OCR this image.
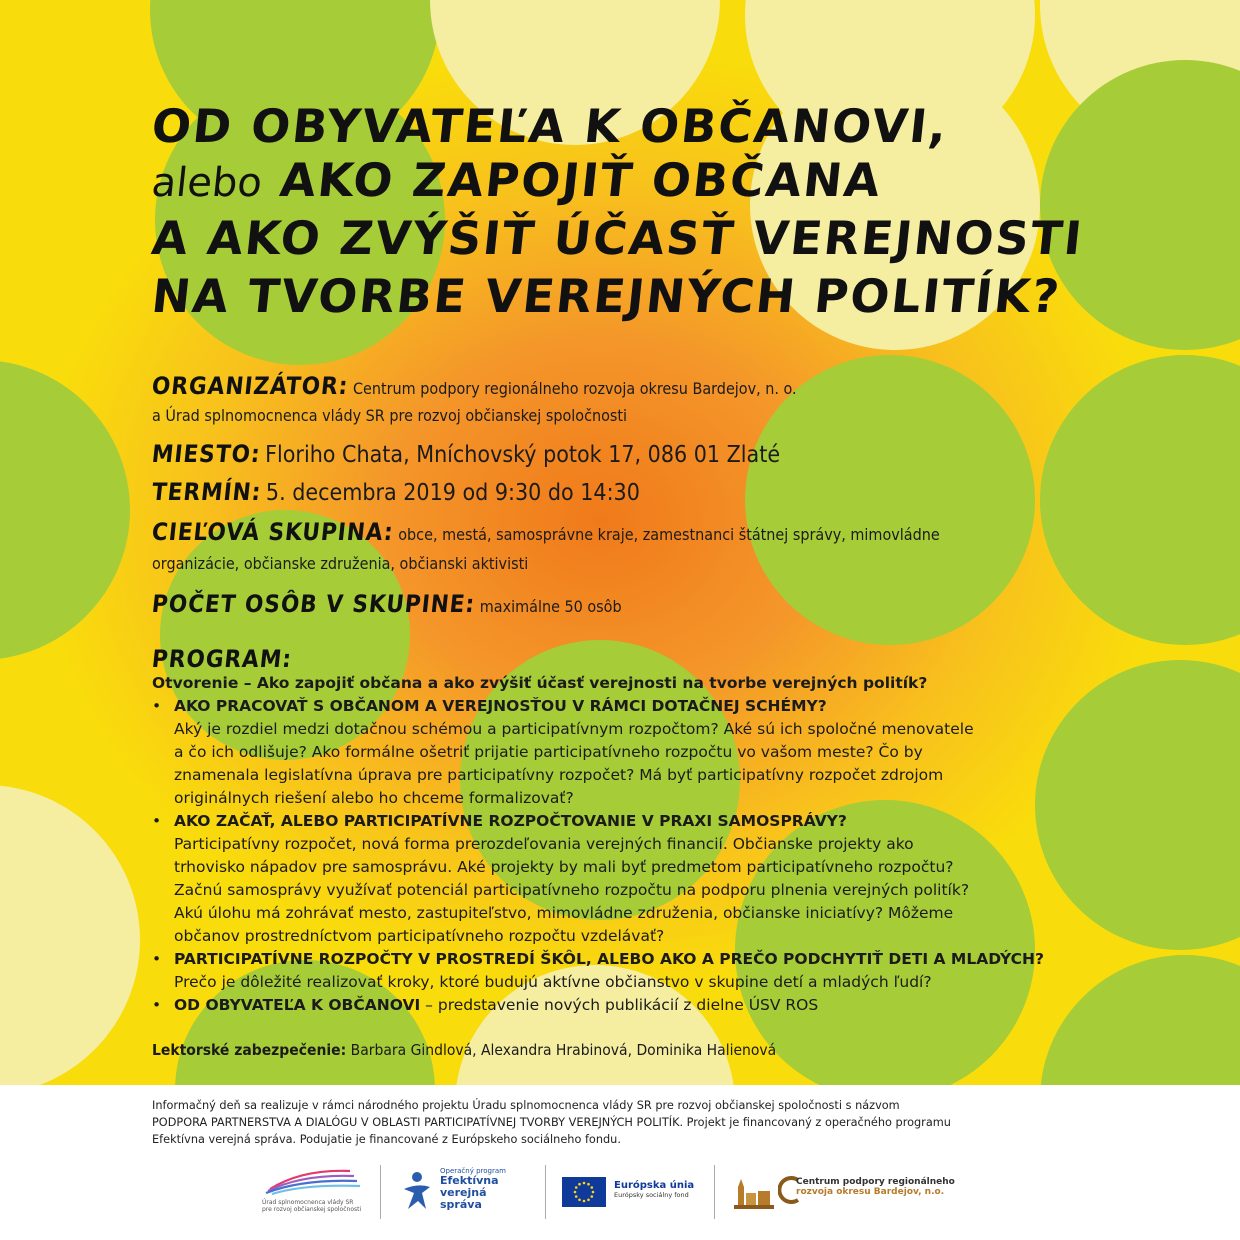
OD OBYVATEĽA K OBČANOVI,
alebo AKO ZAPOJIŤ OBČANA
A AKO ZVÝŠIŤ ÚČASŤ VEREJNOSTI
NA TVORBE VEREJNÝCH POLITÍK?
ORGANIZÁTOR: Centrum podpory regionálneho rozvoja okresu Bardejov, n. o.
a Úrad splnomocnenca vlády SR pre rozvoj občianskej spoločnosti
MIESTO: Floriho Chata, Mníchovský potok 17, 086 01 Zlaté
TERMÍN: 5. decembra 2019 od 9:30 do 14:30
CIEĽOVÁ SKUPINA: obce, mestá, samosprávne kraje, zamestnanci štátnej správy, mimovládne
organizácie, občianske združenia, občianski aktivisti
POČET OSÔB V SKUPINE: maximálne 50 osôb
PROGRAM:

Otvorenie – Ako zapojiť občana a ako zvýšiť účasť verejnosti na tvorbe verejných politík?

• AKO PRACOVAŤ S OBČANOM A VEREJNOSŤOU V RÁMCI DOTAČNEJ SCHÉMY?

Aký je rozdiel medzi dotačnou schémou a participatívnym rozpočtom? Aké sú ich spoločné menovatele

a čo ich odlišuje? Ako formálne ošetriť prijatie participatívneho rozpočtu vo vašom meste? Čo by

znamenala legislatívna úprava pre participatívny rozpočet? Má byť participatívny rozpočet zdrojom

originálnych riešení alebo ho chceme formalizovať?

• AKO ZAČAŤ, ALEBO PARTICIPATÍVNE ROZPOČTOVANIE V PRAXI SAMOSPRÁVY?

Participatívny rozpočet, nová forma prerozdeľovania verejných financií. Občianske projekty ako

trhovisko nápadov pre samosprávu. Aké projekty by mali byť predmetom participatívneho rozpočtu?

Začnú samosprávy využívať potenciál participatívneho rozpočtu na podporu plnenia verejných politík?

Akú úlohu má zohrávať mesto, zastupiteľstvo, mimovládne združenia, občianske iniciatívy? Môžeme

občanov prostredníctvom participatívneho rozpočtu vzdelávať?

• PARTICIPATÍVNE ROZPOČTY V PROSTREDÍ ŠKÔL, ALEBO AKO A PREČO PODCHYTIŤ DETI A MLADÝCH?

Prečo je dôležité realizovať kroky, ktoré budujú aktívne občianstvo v skupine detí a mladých ľudí?

• OD OBYVATEĽA K OBČANOVI – predstavenie nových publikácií z dielne ÚSV ROS

Lektorské zabezpečenie: Barbara Gindlová, Alexandra Hrabinová, Dominika Halienová
Informačný deň sa realizuje v rámci národného projektu Úradu splnomocnenca vlády SR pre rozvoj občianskej spoločnosti s názvom
PODPORA PARTNERSTVA A DIALÓGU V OBLASTI PARTICIPATÍVNEJ TVORBY VEREJNÝCH POLITÍK. Projekt je financovaný z operačného programu
Efektívna verejná správa. Podujatie je financované z Európskeho sociálneho fondu.
Úrad splnomocnenca vlády SR
pre rozvoj občianskej spoločnosti
Operačný program
Efektívna
verejná správa
Európska únia
Európsky sociálny fond
Centrum podpory regionálneho
rozvoja okresu Bardejov, n.o.
